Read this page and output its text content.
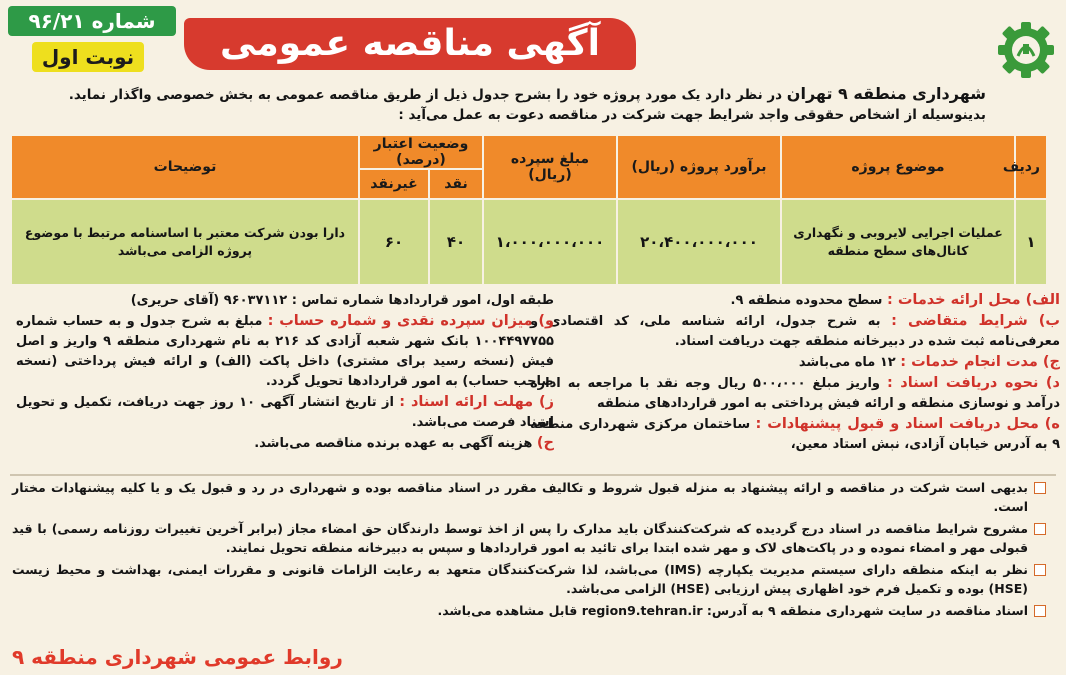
آگهی مناقصه عمومی
شماره ۹۶/۲۱
نوبت اول
شهرداری منطقه ۹ تهران در نظر دارد یک مورد پروژه خود را بشرح جدول ذیل از طریق مناقصه عمومی به بخش خصوصی واگذار نماید.
بدینوسیله از اشخاص حقوقی واجد شرایط جهت شرکت در مناقصه دعوت به عمل می‌آید :
ردیف	موضوع پروژه	برآورد پروژه (ریال)	مبلغ سپرده (ریال)	وضعیت اعتبار (درصد)		توضیحات
				نقد	غیرنقد	
۱	عملیات اجرایی لایروبی و نگهداری کانال‌های سطح منطقه	۲۰،۴۰۰،۰۰۰،۰۰۰	۱،۰۰۰،۰۰۰،۰۰۰	۴۰	۶۰	دارا بودن شرکت معتبر با اساسنامه مرتبط با موضوع پروژه الزامی می‌باشد

الف) محل ارائه خدمات : سطح محدوده منطقه ۹.

ب) شرایط متقاضی : به شرح جدول، ارائه شناسه ملی، کد اقتصادی و معرفی‌نامه ثبت شده در دبیرخانه منطقه جهت دریافت اسناد.

ج) مدت انجام خدمات : ۱۲ ماه می‌باشد

د) نحوه دریافت اسناد : واریز مبلغ ۵۰۰،۰۰۰ ریال وجه نقد با مراجعه به اداره درآمد و نوسازی منطقه و ارائه فیش پرداختی به امور قراردادهای منطقه

ه) محل دریافت اسناد و قبول پیشنهادات : ساختمان مرکزی شهرداری منطقه ۹ به آدرس خیابان آزادی، نبش استاد معین،

طبقه اول، امور قراردادها شماره تماس : ۹۶۰۳۷۱۱۲ (آقای حریری)

و) میزان سپرده نقدی و شماره حساب : مبلغ به شرح جدول و به حساب شماره ۱۰۰۴۴۹۷۷۵۵ بانک شهر شعبه آزادی کد ۲۱۶ به نام شهرداری منطقه ۹ واریز و اصل فیش (نسخه رسید برای مشتری) داخل پاکت (الف) و ارائه فیش پرداختی (نسخه صاحب حساب) به امور قراردادها تحویل گردد.

ز) مهلت ارائه اسناد : از تاریخ انتشار آگهی ۱۰ روز جهت دریافت، تکمیل و تحویل اسناد فرصت می‌باشد.

ح) هزینه آگهی به عهده برنده مناقصه می‌باشد.

بدیهی است شرکت در مناقصه و ارائه پیشنهاد به منزله قبول شروط و تکالیف مقرر در اسناد مناقصه بوده و شهرداری در رد و قبول یک و یا کلیه پیشنهادات مختار است.

مشروح شرایط مناقصه در اسناد درج گردیده که شرکت‌کنندگان باید مدارک را پس از اخذ توسط دارندگان حق امضاء مجاز (برابر آخرین تغییرات روزنامه رسمی) با قید قبولی مهر و امضاء نموده و در پاکت‌های لاک و مهر شده ابتدا برای تائید به امور قراردادها و سپس به دبیرخانه منطقه تحویل نمایند.

نظر به اینکه منطقه دارای سیستم مدیریت یکپارچه (IMS) می‌باشد، لذا شرکت‌کنندگان متعهد به رعایت الزامات قانونی و مقررات ایمنی، بهداشت و محیط زیست (HSE) بوده و تکمیل فرم خود اظهاری پیش ارزیابی (HSE) الزامی می‌باشد.

اسناد مناقصه در سایت شهرداری منطقه ۹ به آدرس: region9.tehran.ir قابل مشاهده می‌باشد.

روابط عمومی شهرداری منطقه ۹
